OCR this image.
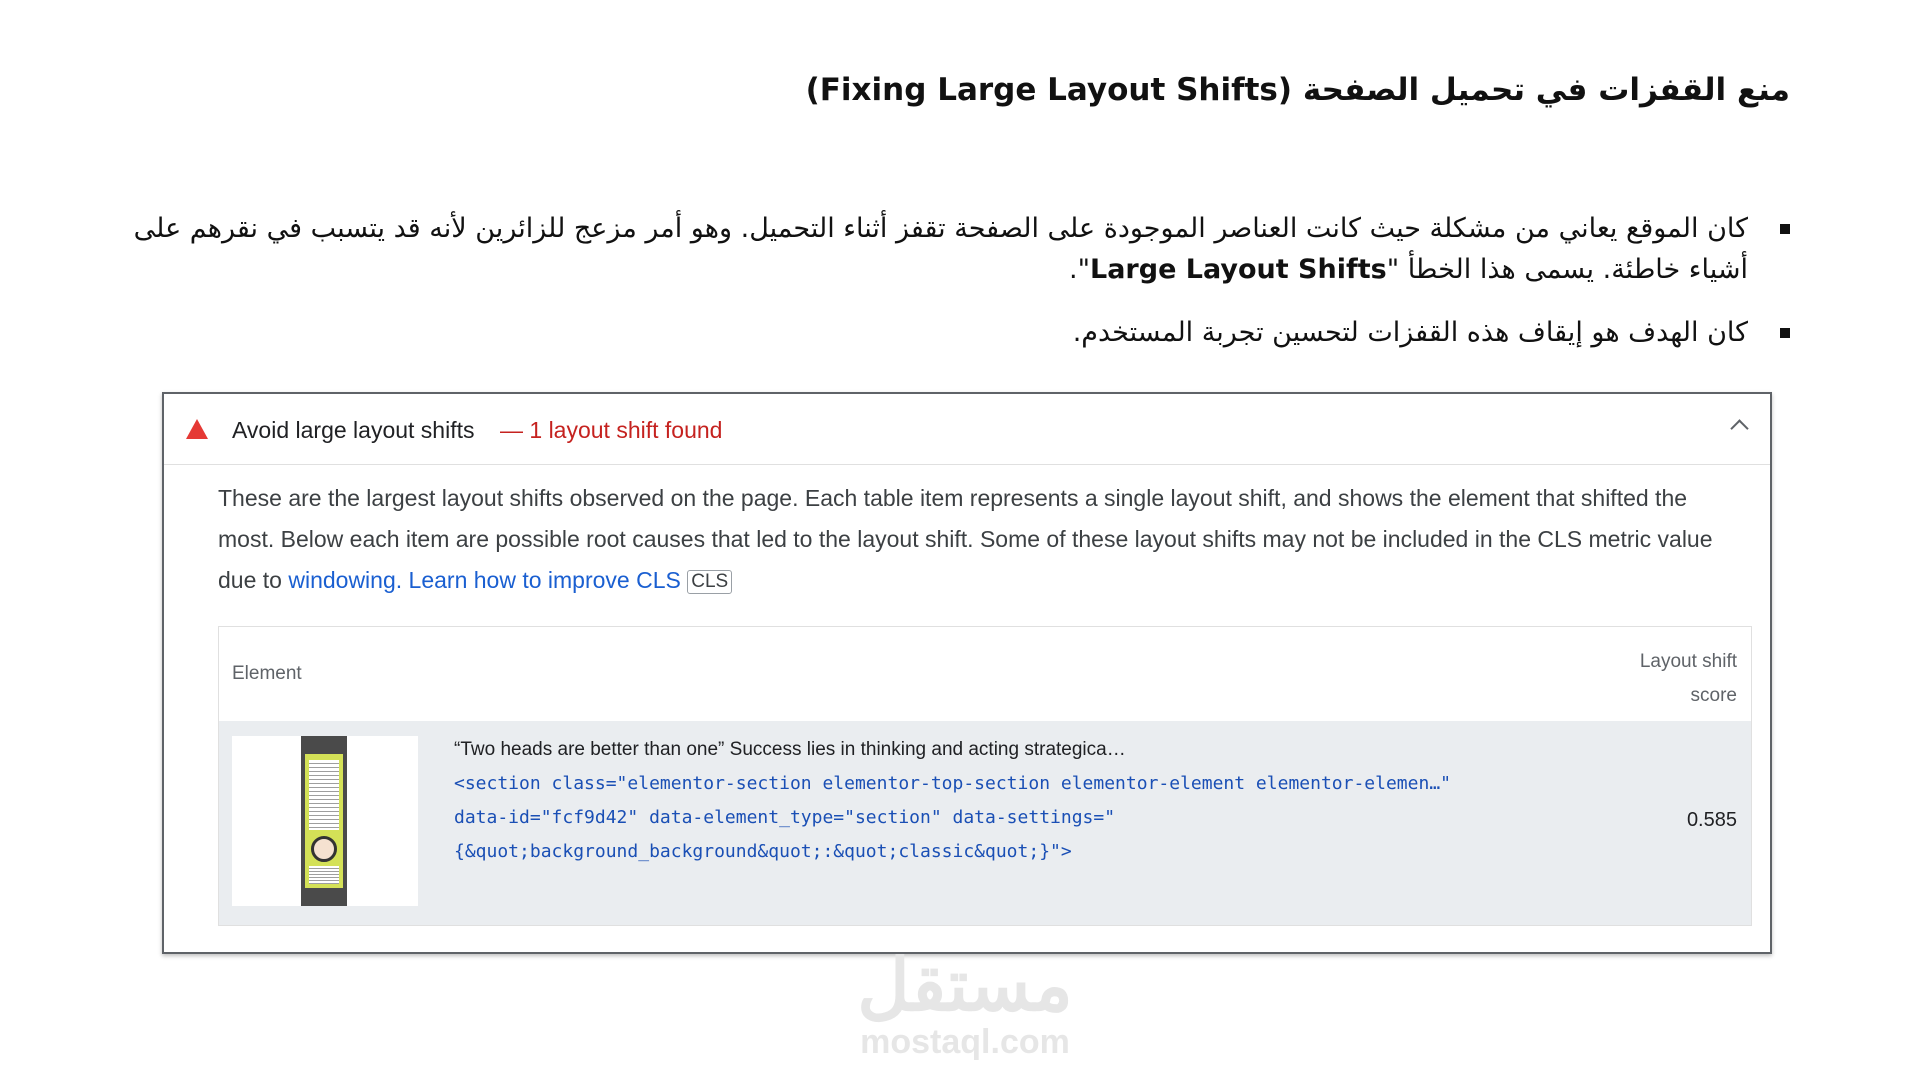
منع القفزات في تحميل الصفحة (Fixing Large Layout Shifts)
كان الموقع يعاني من مشكلة حيث كانت العناصر الموجودة على الصفحة تقفز أثناء التحميل. وهو أمر مزعج للزائرين لأنه قد يتسبب في نقرهم على أشياء خاطئة. يسمى هذا الخطأ "Large Layout Shifts".
كان الهدف هو إيقاف هذه القفزات لتحسين تجربة المستخدم.
Avoid large layout shifts — 1 layout shift found
These are the largest layout shifts observed on the page. Each table item represents a single layout shift, and shows the element that shifted the most. Below each item are possible root causes that led to the layout shift. Some of these layout shifts may not be included in the CLS metric value due to windowing. Learn how to improve CLS CLS
Element
Layout shift score
“Two heads are better than one” Success lies in thinking and acting strategica…
<section class="elementor-section elementor-top-section elementor-element elementor-elemen…"
data-id="fcf9d42" data-element_type="section" data-settings="
{&quot;background_background&quot;:&quot;classic&quot;}">
0.585
مستقل
mostaql.com
